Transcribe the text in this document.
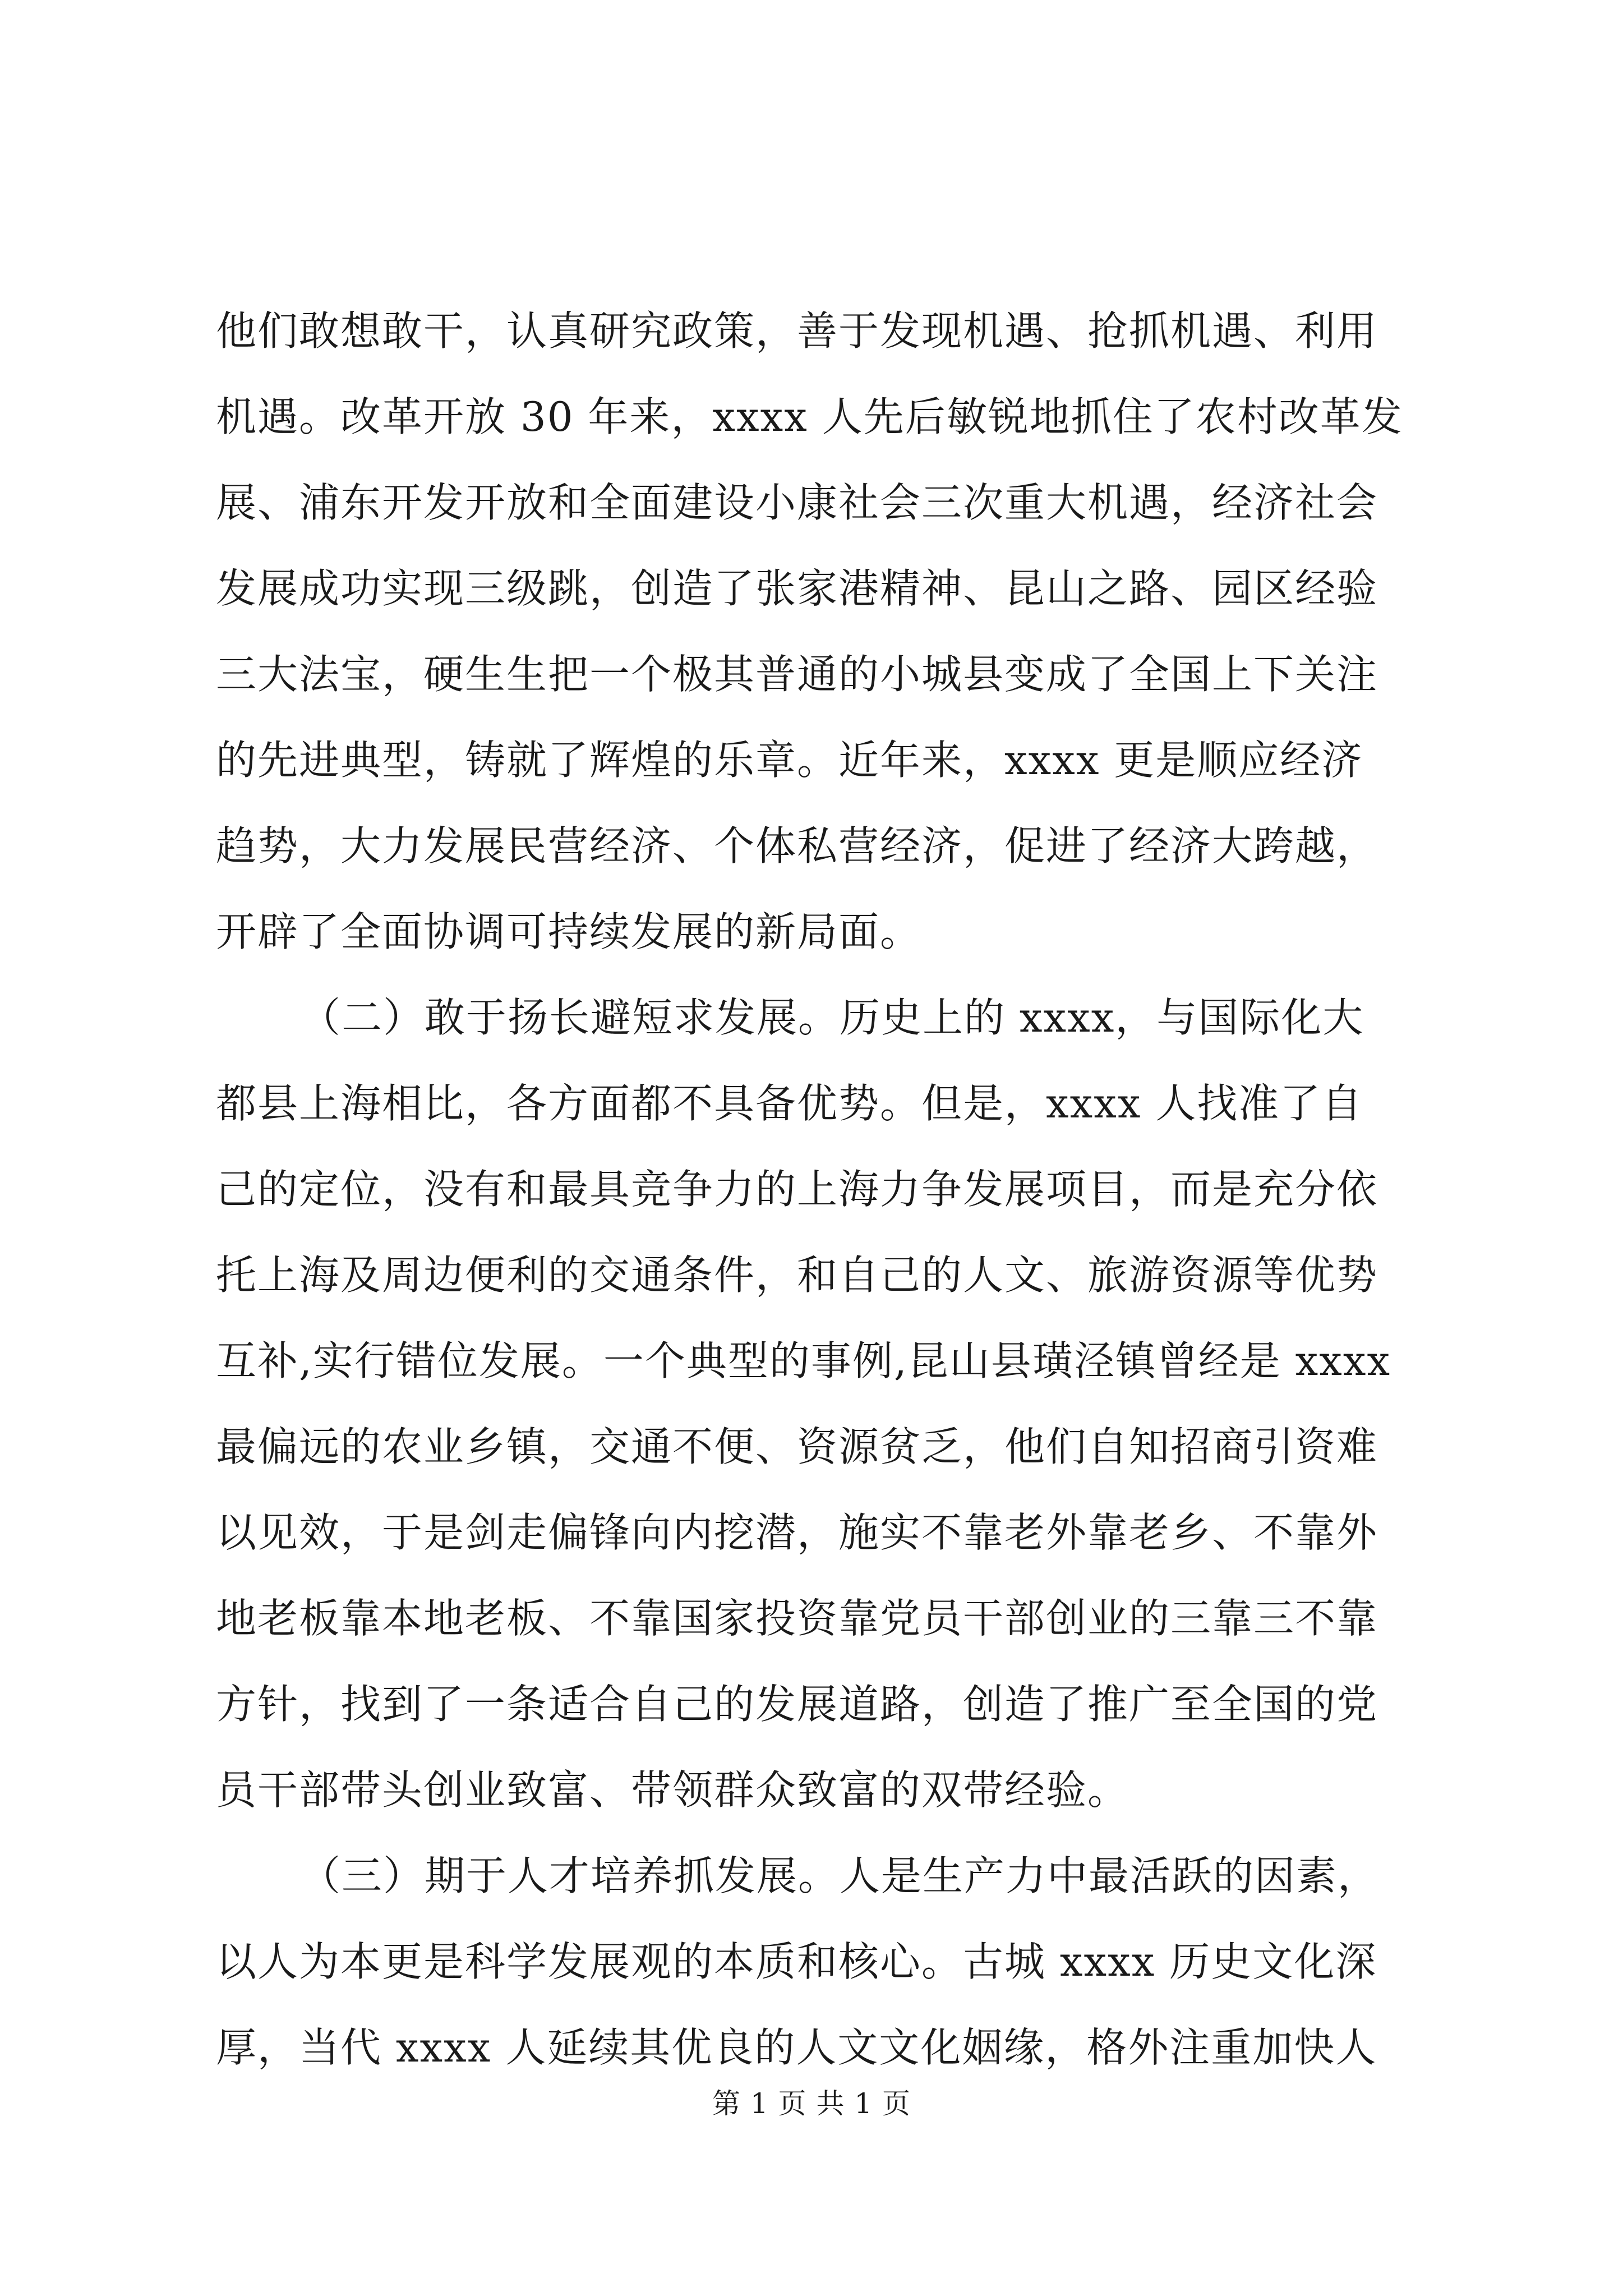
他们敢想敢干，认真研究政策，善于发现机遇、抢抓机遇、利用
机遇。改革开放 30 年来，xxxx 人先后敏锐地抓住了农村改革发
展、浦东开发开放和全面建设小康社会三次重大机遇，经济社会
发展成功实现三级跳，创造了张家港精神、昆山之路、园区经验
三大法宝，硬生生把一个极其普通的小城县变成了全国上下关注
的先进典型，铸就了辉煌的乐章。近年来，xxxx 更是顺应经济
趋势，大力发展民营经济、个体私营经济，促进了经济大跨越，
开辟了全面协调可持续发展的新局面。
（二）敢于扬长避短求发展。历史上的 xxxx，与国际化大
都县上海相比，各方面都不具备优势。但是，xxxx 人找准了自
己的定位，没有和最具竞争力的上海力争发展项目，而是充分依
托上海及周边便利的交通条件，和自己的人文、旅游资源等优势
互补,实行错位发展。一个典型的事例,昆山县璜泾镇曾经是 xxxx
最偏远的农业乡镇，交通不便、资源贫乏，他们自知招商引资难
以见效，于是剑走偏锋向内挖潜，施实不靠老外靠老乡、不靠外
地老板靠本地老板、不靠国家投资靠党员干部创业的三靠三不靠
方针，找到了一条适合自己的发展道路，创造了推广至全国的党
员干部带头创业致富、带领群众致富的双带经验。
（三）期于人才培养抓发展。人是生产力中最活跃的因素，
以人为本更是科学发展观的本质和核心。古城 xxxx 历史文化深
厚，当代 xxxx 人延续其优良的人文文化姻缘，格外注重加快人
第 1 页 共 1 页
